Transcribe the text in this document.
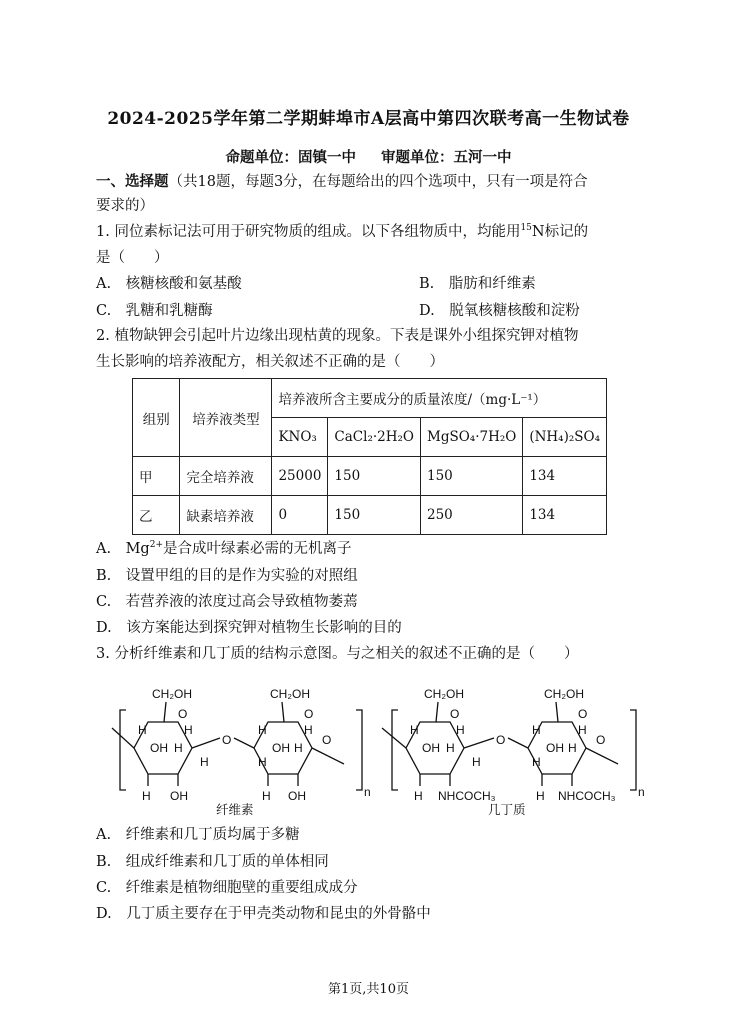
2024-2025学年第二学期蚌埠市A层高中第四次联考高一生物试卷
命题单位：固镇一中 审题单位：五河一中
一、选择题（共18题，每题3分，在每题给出的四个选项中，只有一项是符合
要求的）
1. 同位素标记法可用于研究物质的组成。以下各组物质中，均能用$^{15}$N标记的
是（　　）
A.　核糖核酸和氨基酸	B.　脂肪和纤维素
C.　乳糖和乳糖酶	D.　脱氧核糖核酸和淀粉
2. 植物缺钾会引起叶片边缘出现枯黄的现象。下表是课外小组探究钾对植物
生长影响的培养液配方，相关叙述不正确的是（　　）
组别	培养液类型	培养液所含主要成分的质量浓度/（mg·L⁻¹）			
		KNO₃	CaCl₂·2H₂O	MgSO₄·7H₂O	(NH₄)₂SO₄
甲	完全培养液	25000	150	150	134
乙	缺素培养液	0	150	250	134
A.　$Mg^{2+}$是合成叶绿素必需的无机离子
B.　设置甲组的目的是作为实验的对照组
C.　若营养液的浓度过高会导致植物萎蔫
D.　该方案能达到探究钾对植物生长影响的目的
3. 分析纤维素和几丁质的结构示意图。与之相关的叙述不正确的是（　　）
CH₂OH	CH₂OH
O	O
O
H	H
OH H
H
H OH
H	H
OH H
H
H OH
O
n
纤维素
CH₂OH	CH₂OH
O	O
O
H	H
OH H
H
H NHCOCH₃
H	H
OH H
H
H NHCOCH₃
O
n
几丁质
A.　纤维素和几丁质均属于多糖
B.　组成纤维素和几丁质的单体相同
C.　纤维素是植物细胞壁的重要组成成分
D.　几丁质主要存在于甲壳类动物和昆虫的外骨骼中
第1页,共10页
